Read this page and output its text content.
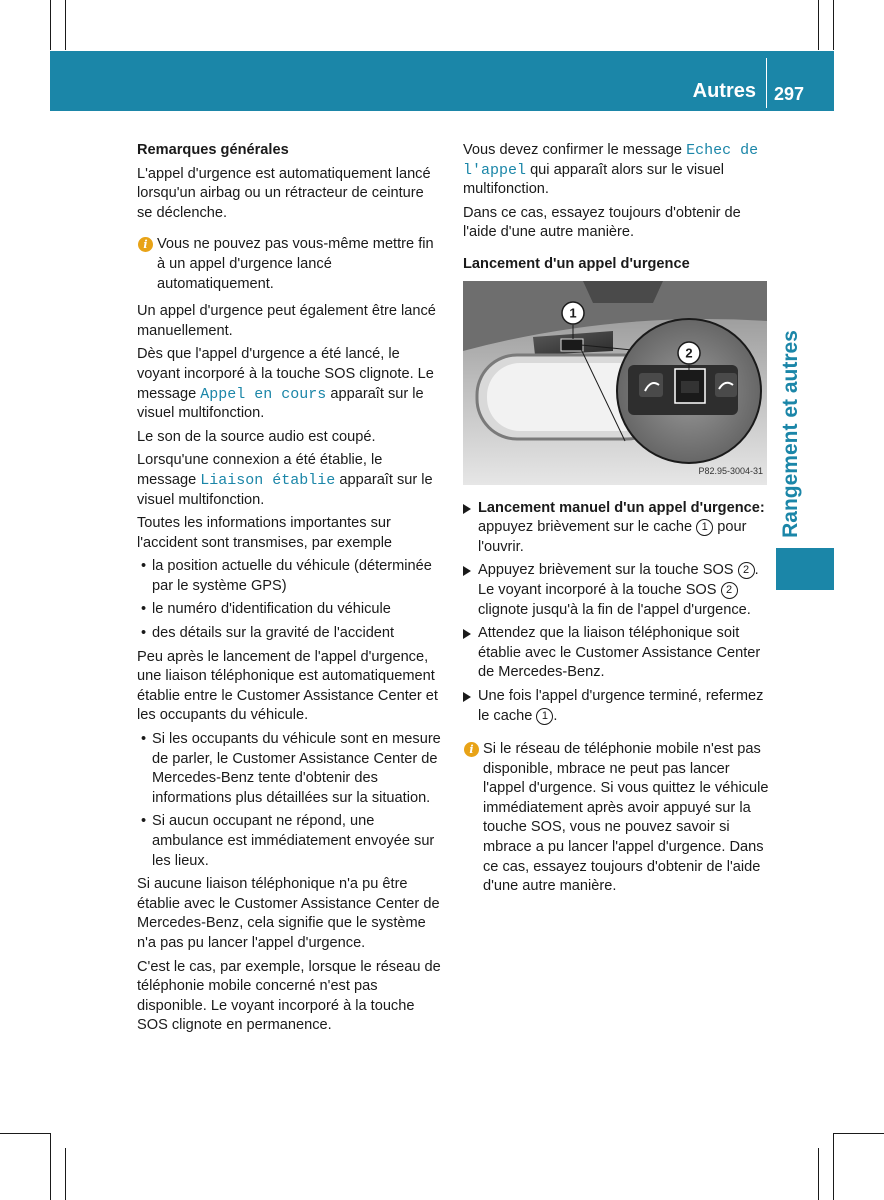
Autres 297
Rangement et autres

Remarques générales

L'appel d'urgence est automatiquement lancé lorsqu'un airbag ou un rétracteur de ceinture se déclenche.

i Vous ne pouvez pas vous-même mettre fin à un appel d'urgence lancé automatiquement.

Un appel d'urgence peut également être lancé manuellement.

Dès que l'appel d'urgence a été lancé, le voyant incorporé à la touche SOS clignote. Le message Appel en cours apparaît sur le visuel multifonction.

Le son de la source audio est coupé.

Lorsqu'une connexion a été établie, le message Liaison établie apparaît sur le visuel multifonction.

Toutes les informations importantes sur l'accident sont transmises, par exemple

• la position actuelle du véhicule (déterminée par le système GPS)
• le numéro d'identification du véhicule
• des détails sur la gravité de l'accident

Peu après le lancement de l'appel d'urgence, une liaison téléphonique est automatiquement établie entre le Customer Assistance Center et les occupants du véhicule.

• Si les occupants du véhicule sont en mesure de parler, le Customer Assistance Center de Mercedes-Benz tente d'obtenir des informations plus détaillées sur la situation.
• Si aucun occupant ne répond, une ambulance est immédiatement envoyée sur les lieux.

Si aucune liaison téléphonique n'a pu être établie avec le Customer Assistance Center de Mercedes-Benz, cela signifie que le système n'a pas pu lancer l'appel d'urgence.

C'est le cas, par exemple, lorsque le réseau de téléphonie mobile concerné n'est pas disponible. Le voyant incorporé à la touche SOS clignote en permanence.

Vous devez confirmer le message Echec de l'appel qui apparaît alors sur le visuel multifonction.

Dans ce cas, essayez toujours d'obtenir de l'aide d'une autre manière.

Lancement d'un appel d'urgence

1
2
P82.95-3004-31
Lancement manuel d'un appel d'urgence: appuyez brièvement sur le cache 1 pour l'ouvrir.
Appuyez brièvement sur la touche SOS 2 . Le voyant incorporé à la touche SOS 2 clignote jusqu'à la fin de l'appel d'urgence.
Attendez que la liaison téléphonique soit établie avec le Customer Assistance Center de Mercedes-Benz.
Une fois l'appel d'urgence terminé, refermez le cache 1 .
i Si le réseau de téléphonie mobile n'est pas disponible, mbrace ne peut pas lancer l'appel d'urgence. Si vous quittez le véhicule immédiatement après avoir appuyé sur la touche SOS, vous ne pouvez savoir si mbrace a pu lancer l'appel d'urgence. Dans ce cas, essayez toujours d'obtenir de l'aide d'une autre manière.
